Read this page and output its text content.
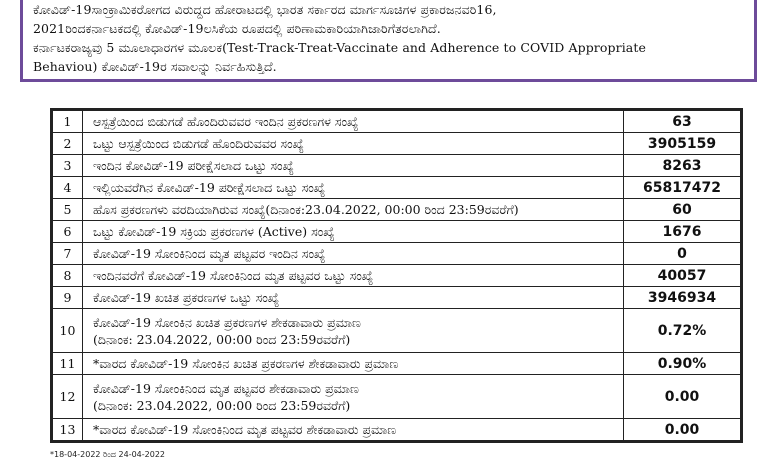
ಕೋವಿಡ್‌-19ಸಾಂಕ್ರಾಮಿಕರೋಗದ ವಿರುದ್ಧದ ಹೋರಾಟದಲ್ಲಿ ಭಾರತ ಸರ್ಕಾರದ ಮಾರ್ಗಸೂಚಿಗಳ ಪ್ರಕಾರಜನವರಿ16,
2021ರಿಂದಕರ್ನಾಟಕದಲ್ಲಿ ಕೋವಿಡ್‌-19ಲಸಿಕೆಯ ರೂಪದಲ್ಲಿ ಪರಿಣಾಮಕಾರಿಯಾಗಿಜಾರಿಗೆತರಲಾಗಿದೆ.
ಕರ್ನಾಟಕರಾಜ್ಯವು 5 ಮೂಲಾಧಾರಗಳ ಮೂಲಕ(Test-Track-Treat-Vaccinate and Adherence to COVID Appropriate
Behaviou) ಕೋವಿಡ್‌-19ರ ಸವಾಲನ್ನು ನಿರ್ವಹಿಸುತ್ತಿದೆ.
1	ಆಸ್ಪತ್ರೆಯಿಂದ ಬಿಡುಗಡೆ ಹೊಂದಿರುವವರ ಇಂದಿನ ಪ್ರಕರಣಗಳ ಸಂಖ್ಯೆ	63
2	ಒಟ್ಟು ಆಸ್ಪತ್ರೆಯಿಂದ ಬಿಡುಗಡೆ ಹೊಂದಿರುವವರ ಸಂಖ್ಯೆ	3905159
3	ಇಂದಿನ ಕೋವಿಡ್‌-19 ಪರೀಕ್ಷೆಸಲಾದ ಒಟ್ಟು ಸಂಖ್ಯೆ	8263
4	ಇಲ್ಲಿಯವರೆಗಿನ ಕೋವಿಡ್‌-19 ಪರೀಕ್ಷೆಸಲಾದ ಒಟ್ಟು ಸಂಖ್ಯೆ	65817472
5	ಹೊಸ ಪ್ರಕರಣಗಳು ವರದಿಯಾಗಿರುವ ಸಂಖ್ಯೆ(ದಿನಾಂಕ:23.04.2022, 00:00 ರಿಂದ 23:59ರವರೆಗೆ)	60
6	ಒಟ್ಟು ಕೋವಿಡ್‌-19 ಸಕ್ರಿಯ ಪ್ರಕರಣಗಳ (Active) ಸಂಖ್ಯೆ	1676
7	ಕೋವಿಡ್‌-19 ಸೋಂಕಿನಿಂದ ಮೃತ ಪಟ್ಟವರ ಇಂದಿನ ಸಂಖ್ಯೆ	0
8	ಇಂದಿನವರೆಗೆ ಕೋವಿಡ್‌-19 ಸೋಂಕಿನಿಂದ ಮೃತ ಪಟ್ಟವರ ಒಟ್ಟು ಸಂಖ್ಯೆ	40057
9	ಕೋವಿಡ್‌-19 ಖಚಿತ ಪ್ರಕರಣಗಳ ಒಟ್ಟು ಸಂಖ್ಯೆ	3946934
10	ಕೋವಿಡ್‌-19 ಸೋಂಕಿನ ಖಚಿತ ಪ್ರಕರಣಗಳ ಶೇಕಡಾವಾರು ಪ್ರಮಾಣ
(ದಿನಾಂಕ: 23.04.2022, 00:00 ರಿಂದ 23:59ರವರೆಗೆ)	0.72%
11	*ವಾರದ ಕೋವಿಡ್‌-19 ಸೋಂಕಿನ ಖಚಿತ ಪ್ರಕರಣಗಳ ಶೇಕಡಾವಾರು ಪ್ರಮಾಣ	0.90%
12	ಕೋವಿಡ್‌-19 ಸೋಂಕಿನಿಂದ ಮೃತ ಪಟ್ಟವರ ಶೇಕಡಾವಾರು ಪ್ರಮಾಣ
(ದಿನಾಂಕ: 23.04.2022, 00:00 ರಿಂದ 23:59ರವರೆಗೆ)	0.00
13	*ವಾರದ ಕೋವಿಡ್‌-19 ಸೋಂಕಿನಿಂದ ಮೃತ ಪಟ್ಟವರ ಶೇಕಡಾವಾರು ಪ್ರಮಾಣ	0.00
*18-04-2022 ರಿಂದ 24-04-2022
